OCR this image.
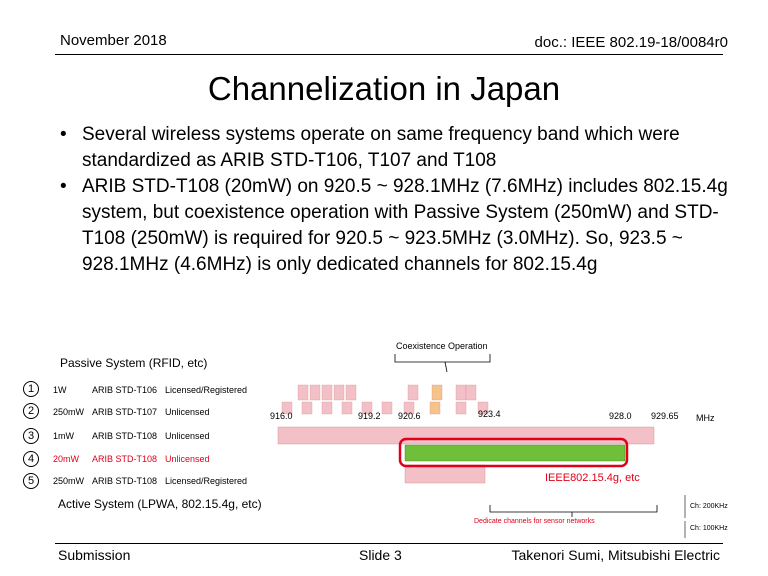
November 2018	doc.: IEEE 802.19-18/0084r0
Channelization in Japan
• Several wireless systems operate on same frequency band which were standardized as ARIB STD-T106, T107 and T108
• ARIB STD-T108 (20mW) on 920.5 ~ 928.1MHz (7.6MHz) includes 802.15.4g system, but coexistence operation with Passive System (250mW) and STD-T108 (250mW) is required for 920.5 ~ 923.5MHz (3.0MHz). So, 923.5 ~ 928.1MHz (4.6MHz) is only dedicated channels for 802.15.4g
Coexistence Operation
Passive System (RFID, etc)
1	1W	ARIB STD-T106 Licensed/Registered
2	250mW ARIB STD-T107 Unlicensed
3	1mW ARIB STD-T108 Unlicensed
4	20mW ARIB STD-T108 Unlicensed
5	250mW ARIB STD-T108 Licensed/Registered
916.0	919.2 920.6	923.4	928.0 929.65 MHz
IEEE802.15.4g, etc
Active System (LPWA, 802.15.4g, etc)
Dedicate channels for sensor networks
Ch: 200KHz
Ch: 100KHz
Submission	Slide 3	Takenori Sumi, Mitsubishi Electric
